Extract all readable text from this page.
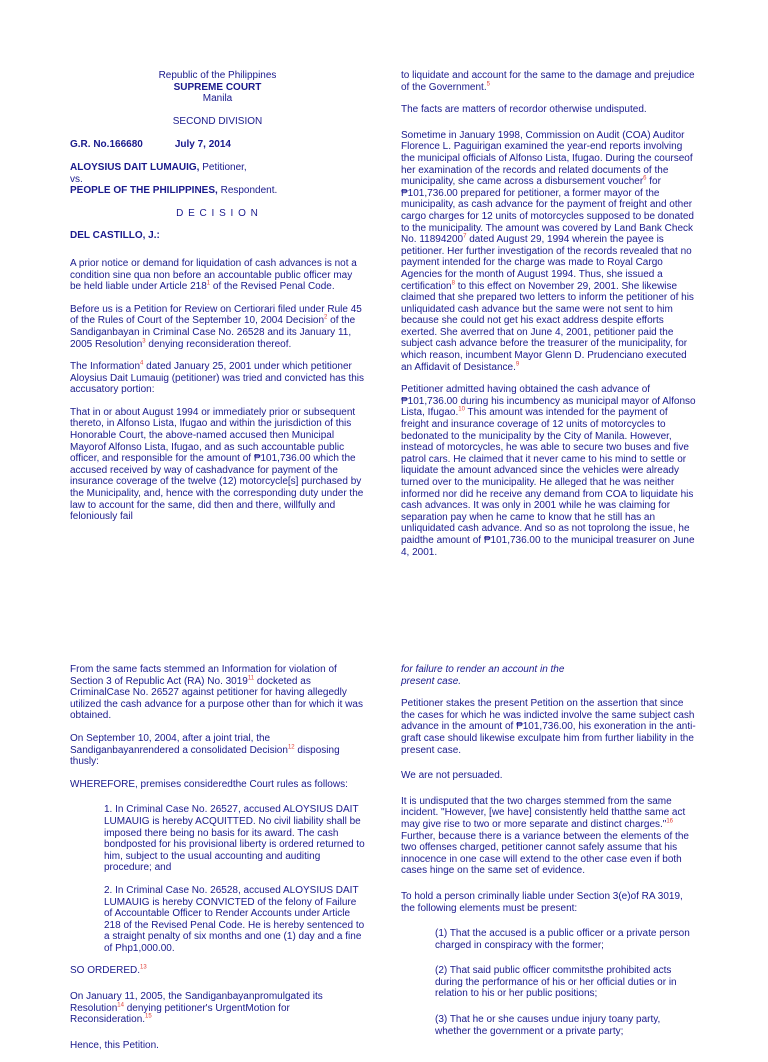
Republic of the Philippines
SUPREME COURT
Manila
SECOND DIVISION
G.R. No.166680	July 7, 2014
ALOYSIUS DAIT LUMAUIG, Petitioner,
vs.
PEOPLE OF THE PHILIPPINES, Respondent.
D E C I S I O N
DEL CASTILLO, J.:
A prior notice or demand for liquidation of cash advances is not a condition sine qua non before an accountable public officer may be held liable under Article $218^1$ of the Revised Penal Code.
Before us is a Petition for Review on Certiorari filed under Rule 45 of the Rules of Court of the September 10, 2004 Decision$^2$ of the Sandiganbayan in Criminal Case No. 26528 and its January 11, 2005 Resolution$^3$ denying reconsideration thereof.
The Information$^4$ dated January 25, 2001 under which petitioner Aloysius Dait Lumauig (petitioner) was tried and convicted has this accusatory portion:
That in or about August 1994 or immediately prior or subsequent thereto, in Alfonso Lista, Ifugao and within the jurisdiction of this Honorable Court, the above-named accused then Municipal Mayorof Alfonso Lista, Ifugao, and as such accountable public officer, and responsible for the amount of ₱101,736.00 which the accused received by way of cashadvance for payment of the insurance coverage of the twelve (12) motorcycle[s] purchased by the Municipality, and, hence with the corresponding duty under the law to account for the same, did then and there, willfully and feloniously fail
to liquidate and account for the same to the damage and prejudice of the Government.$^5$
The facts are matters of recordor otherwise undisputed.
Sometime in January 1998, Commission on Audit (COA) Auditor Florence L. Paguirigan examined the year-end reports involving the municipal officials of Alfonso Lista, Ifugao. During the courseof her examination of the records and related documents of the municipality, she came across a disbursement voucher$^6$ for ₱101,736.00 prepared for petitioner, a former mayor of the municipality, as cash advance for the payment of freight and other cargo charges for 12 units of motorcycles supposed to be donated to the municipality. The amount was covered by Land Bank Check No. 11894200$^7$ dated August 29, 1994 wherein the payee is petitioner. Her further investigation of the records revealed that no payment intended for the charge was made to Royal Cargo Agencies for the month of August 1994. Thus, she issued a certification$^8$ to this effect on November 29, 2001. She likewise claimed that she prepared two letters to inform the petitioner of his unliquidated cash advance but the same were not sent to him because she could not get his exact address despite efforts exerted. She averred that on June 4, 2001, petitioner paid the subject cash advance before the treasurer of the municipality, for which reason, incumbent Mayor Glenn D. Prudenciano executed an Affidavit of Desistance.$^9$
Petitioner admitted having obtained the cash advance of ₱101,736.00 during his incumbency as municipal mayor of Alfonso Lista, Ifugao.$^{10}$ This amount was intended for the payment of freight and insurance coverage of 12 units of motorcycles to bedonated to the municipality by the City of Manila. However, instead of motorcycles, he was able to secure two buses and five patrol cars. He claimed that it never came to his mind to settle or liquidate the amount advanced since the vehicles were already turned over to the municipality. He alleged that he was neither informed nor did he receive any demand from COA to liquidate his cash advances. It was only in 2001 while he was claiming for separation pay when he came to know that he still has an unliquidated cash advance. And so as not toprolong the issue, he paidthe amount of ₱101,736.00 to the municipal treasurer on June 4, 2001.
From the same facts stemmed an Information for violation of Section 3 of Republic Act (RA) No. 3019$^{11}$ docketed as CriminalCase No. 26527 against petitioner for having allegedly utilized the cash advance for a purpose other than for which it was obtained.
On September 10, 2004, after a joint trial, the Sandiganbayanrendered a consolidated Decision$^{12}$ disposing thusly:
WHEREFORE, premises consideredthe Court rules as follows:
1. In Criminal Case No. 26527, accused ALOYSIUS DAIT LUMAUIG is hereby ACQUITTED. No civil liability shall be imposed there being no basis for its award. The cash bondposted for his provisional liberty is ordered returned to him, subject to the usual accounting and auditing procedure; and
2. In Criminal Case No. 26528, accused ALOYSIUS DAIT LUMAUIG is hereby CONVICTED of the felony of Failure of Accountable Officer to Render Accounts under Article 218 of the Revised Penal Code. He is hereby sentenced to a straight penalty of six months and one (1) day and a fine of Php1,000.00.
SO ORDERED.$^{13}$
On January 11, 2005, the Sandiganbayanpromulgated its Resolution$^{14}$ denying petitioner's UrgentMotion for Reconsideration.$^{15}$
Hence, this Petition.
for failure to render an account in the present case.
Petitioner stakes the present Petition on the assertion that since the cases for which he was indicted involve the same subject cash advance in the amount of ₱101,736.00, his exoneration in the anti-graft case should likewise exculpate him from further liability in the present case.
We are not persuaded.
It is undisputed that the two charges stemmed from the same incident. "However, [we have] consistently held thatthe same act may give rise to two or more separate and distinct charges."$^{16}$ Further, because there is a variance between the elements of the two offenses charged, petitioner cannot safely assume that his innocence in one case will extend to the other case even if both cases hinge on the same set of evidence.
To hold a person criminally liable under Section 3(e)of RA 3019, the following elements must be present:
(1) That the accused is a public officer or a private person charged in conspiracy with the former;
(2) That said public officer commitsthe prohibited acts during the performance of his or her official duties or in relation to his or her public positions;
(3) That he or she causes undue injury toany party, whether the government or a private party;
